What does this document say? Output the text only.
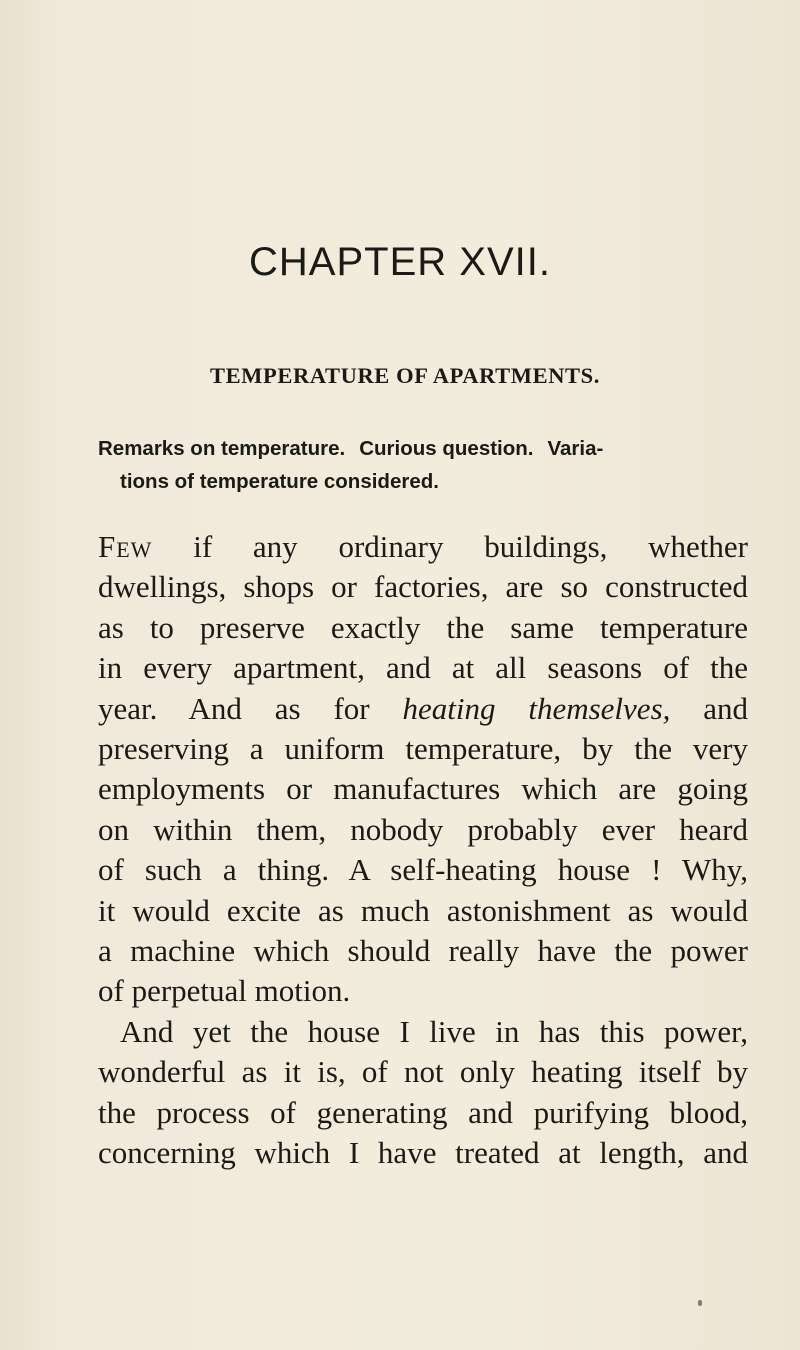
CHAPTER XVII.
TEMPERATURE OF APARTMENTS.
Remarks on temperature. Curious question. Varia-
tions of temperature considered.
Few if any ordinary buildings, whether
dwellings, shops or factories, are so constructed
as to preserve exactly the same temperature
in every apartment, and at all seasons of the
year. And as for heating themselves, and
preserving a uniform temperature, by the very
employments or manufactures which are going
on within them, nobody probably ever heard
of such a thing. A self-heating house ! Why,
it would excite as much astonishment as would
a machine which should really have the power
of perpetual motion.
And yet the house I live in has this power,
wonderful as it is, of not only heating itself by
the process of generating and purifying blood,
concerning which I have treated at length, and
